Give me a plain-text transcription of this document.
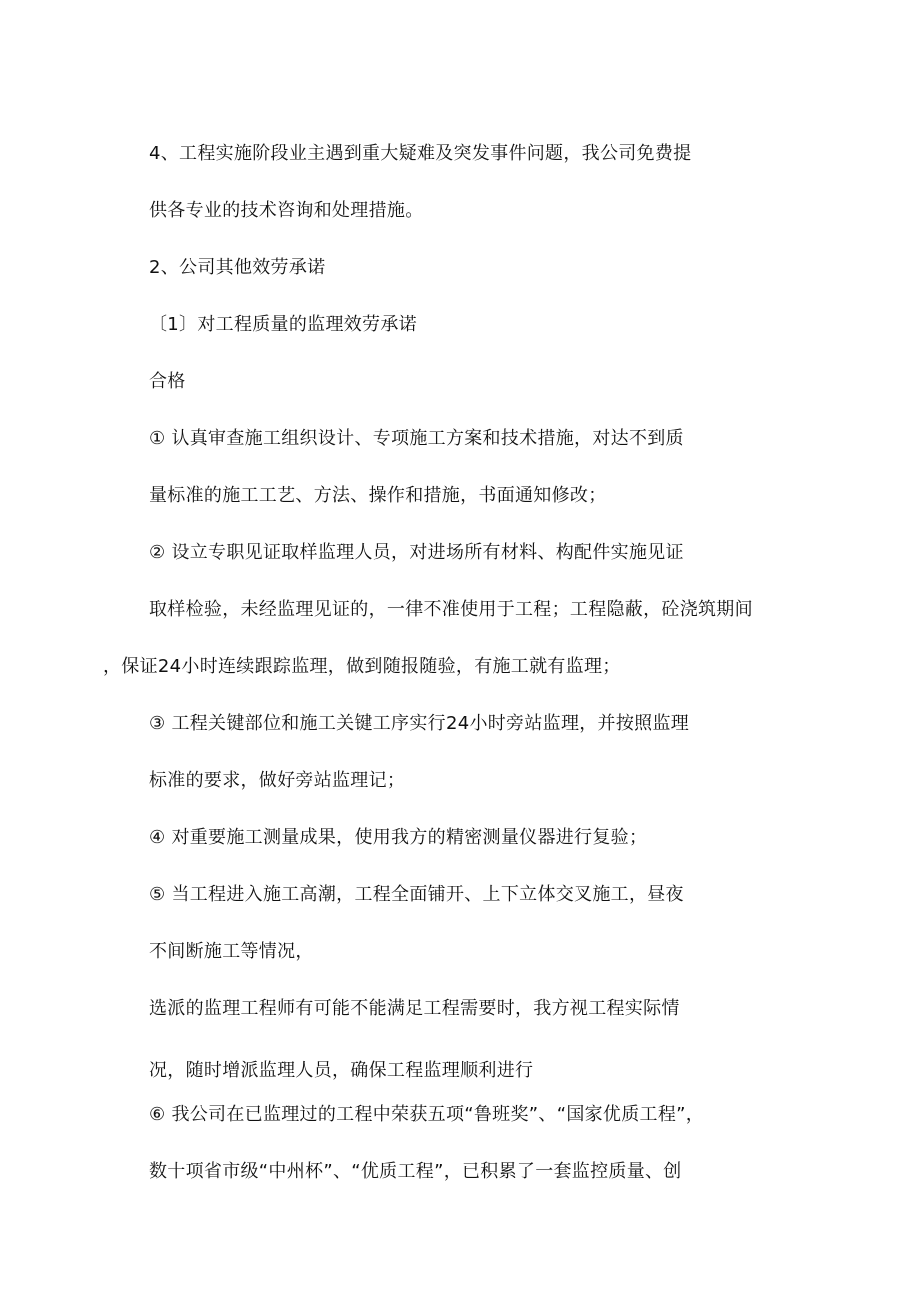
4、工程实施阶段业主遇到重大疑难及突发事件问题，我公司免费提
供各专业的技术咨询和处理措施。
2、公司其他效劳承诺
〔1〕对工程质量的监理效劳承诺
合格
① 认真审查施工组织设计、专项施工方案和技术措施，对达不到质
量标准的施工工艺、方法、操作和措施，书面通知修改；
② 设立专职见证取样监理人员，对进场所有材料、构配件实施见证
取样检验，未经监理见证的，一律不准使用于工程；工程隐蔽，砼浇筑期间
，保证24小时连续跟踪监理，做到随报随验，有施工就有监理；
③ 工程关键部位和施工关键工序实行24小时旁站监理，并按照监理
标准的要求，做好旁站监理记；
④ 对重要施工测量成果，使用我方的精密测量仪器进行复验；
⑤ 当工程进入施工高潮，工程全面铺开、上下立体交叉施工，昼夜
不间断施工等情况，
选派的监理工程师有可能不能满足工程需要时，我方视工程实际情
况，随时增派监理人员，确保工程监理顺利进行
⑥ 我公司在已监理过的工程中荣获五项“鲁班奖”、“国家优质工程”，
数十项省市级“中州杯”、“优质工程”，已积累了一套监控质量、创
